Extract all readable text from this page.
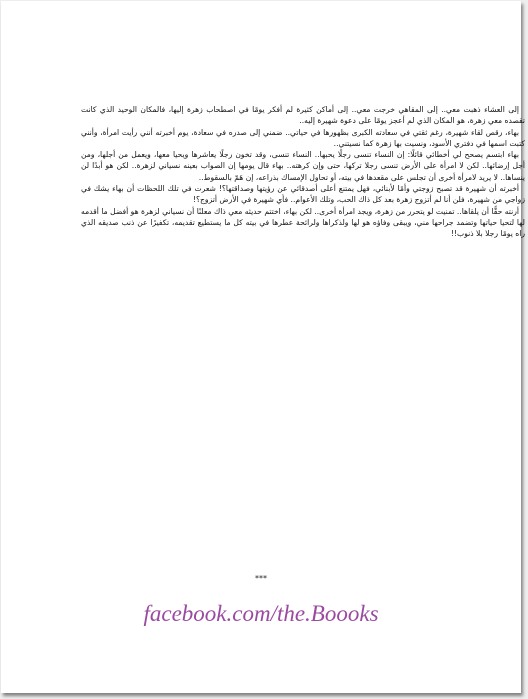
إلى العشاء ذهبت معي.. إلى المقاهي خرجت معي.. إلى أماكن كثيرة لم أفكر يومًا في اصطحاب زهرة إليها، فالمكان الوحيد الذي كانت تقصده معي زهرة، هو المكان الذي لم أعجز يومًا على دعوة شهيرة إليه..

بهاء، رقص لقاء شهيرة، رغم ثقتي في سعادته الكبرى بظهورها في حياتي.. ضمني إلى صدره في سعادة، يوم أخبرته أنني رأيت امرأة، وأنني كتبت اسمها في دفتري الأسود، ونسيت بها زهرة كما نسيتني..

بهاء ابتسم يصحح لي أخطائي قائلًا: إن النساء تنسى رجلًا يحبها.. النساء تنسى، وقد تخون رجلًا يعاشرها ويحيا معها، ويعمل من أجلها، ومن أجل إرضائها.. لكن لا امرأة على الأرض تنسى رجلا تركها، حتى وإن كرهته.. بهاء قال يومها إن الصواب بعينه نسياني لزهرة.. لكن هو أبدًا لن ينساها.. لا يريد لامرأة أخرى أن تجلس على مقعدها في بيته، أو تحاول الإمساك بذراعه، إن هَمّ بالسقوط..

أخبرته أن شهيرة قد تصبح زوجتي وأمًا لأبنائي، فهل يمتنع أعلى أصدقائي عن رؤيتها وصداقتها؟! شعرت في تلك اللحظات أن بهاء يشك في زواجي من شهيرة، فلن أنا لم أتزوج زهرة بعد كل ذاك الحب، وتلك الأعوام.. فأي شهيرة في الأرض أتزوج؟!

أرنته حقًّا أن يلقاها.. تمنيت لو يتحرر من زهرة، ويجد امرأة أخرى.. لكن بهاء، اختتم حديثه معي ذاك معلنًا أن نسياني لزهرة هو أفضل ما أقدمه لها لتحيا حياتها وتضمد جراحها مني، ويبقى وفاؤه هو لها ولذكراها ولرائحة عطرها في بيته كل ما يستطيع تقديمه، تكفيرًا عن ذنب صديقه الذي راه يومًا رجلا بلا ذنوب!!

***
facebook.com/the.Boooks
